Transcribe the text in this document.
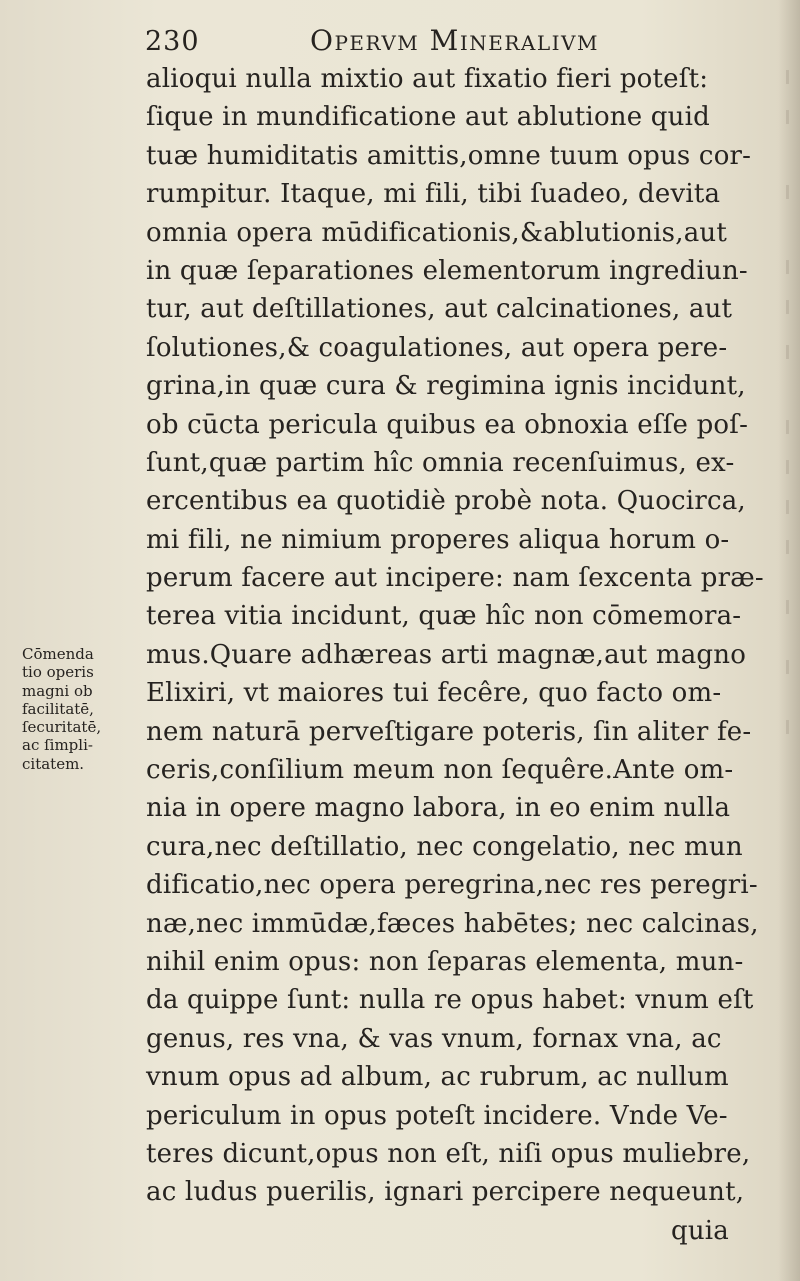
230	Opervm Mineralivm
alioqui nulla mixtio aut fixatio fieri poteſt:
ſique in mundificatione aut ablutione quid
tuæ humiditatis amittis,omne tuum opus cor-
rumpitur. Itaque, mi fili, tibi ſuadeo, devita
omnia opera mūdificationis,&ablutionis,aut
in quæ ſeparationes elementorum ingrediun-
tur, aut deſtillationes, aut calcinationes, aut
ſolutiones,& coagulationes, aut opera pere-
grina,in quæ cura & regimina ignis incidunt,
ob cūcta pericula quibus ea obnoxia eſſe poſ-
ſunt,quæ partim hîc omnia recenſuimus, ex-
ercentibus ea quotidiè probè nota. Quocirca,
mi fili, ne nimium properes aliqua horum o-
perum facere aut incipere: nam ſexcenta præ-
terea vitia incidunt, quæ hîc non cōmemora-
mus.Quare adhæreas arti magnæ,aut magno
Elixiri, vt maiores tui fecêre, quo facto om-
nem naturā perveſtigare poteris, ſin aliter fe-
ceris,conſilium meum non ſequêre.Ante om-
nia in opere magno labora, in eo enim nulla
cura,nec deſtillatio, nec congelatio, nec mun
dificatio,nec opera peregrina,nec res peregri-
næ,nec immūdæ,fæces habētes; nec calcinas,
nihil enim opus: non ſeparas elementa, mun-
da quippe ſunt: nulla re opus habet: vnum eſt
genus, res vna, & vas vnum, fornax vna, ac
vnum opus ad album, ac rubrum, ac nullum
periculum in opus poteſt incidere. Vnde Ve-
teres dicunt,opus non eſt, niſi opus muliebre,
ac ludus puerilis, ignari percipere nequeunt,
quia
Cōmenda
tio operis
magni ob
facilitatē,
ſecuritatē,
ac ſimpli-
citatem.
